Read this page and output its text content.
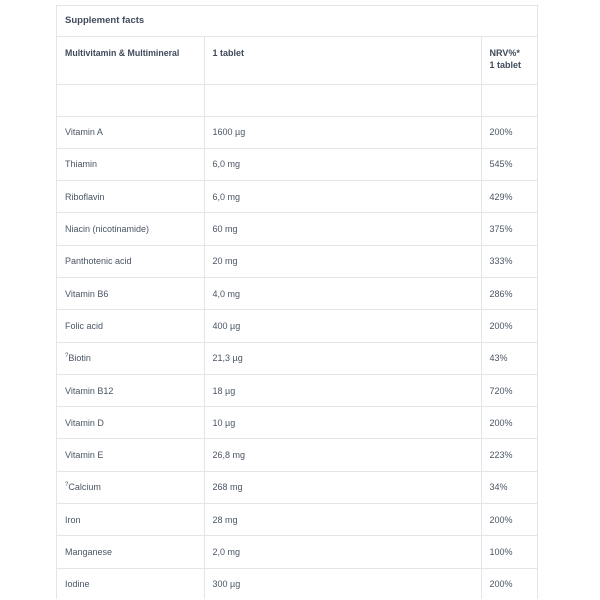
Supplement facts
Multivitamin & Multimineral	1 tablet	NRV%*
1 tablet

Vitamin A	1600 µg	200%
Thiamin	6,0 mg	545%
Riboflavin	6,0 mg	429%
Niacin (nicotinamide)	60 mg	375%
Panthotenic acid	20 mg	333%
Vitamin B6	4,0 mg	286%
Folic acid	400 µg	200%
?Biotin	21,3 µg	43%
Vitamin B12	18 µg	720%
Vitamin D	10 µg	200%
Vitamin E	26,8 mg	223%
?Calcium	268 mg	34%
Iron	28 mg	200%
Manganese	2,0 mg	100%
Iodine	300 µg	200%
